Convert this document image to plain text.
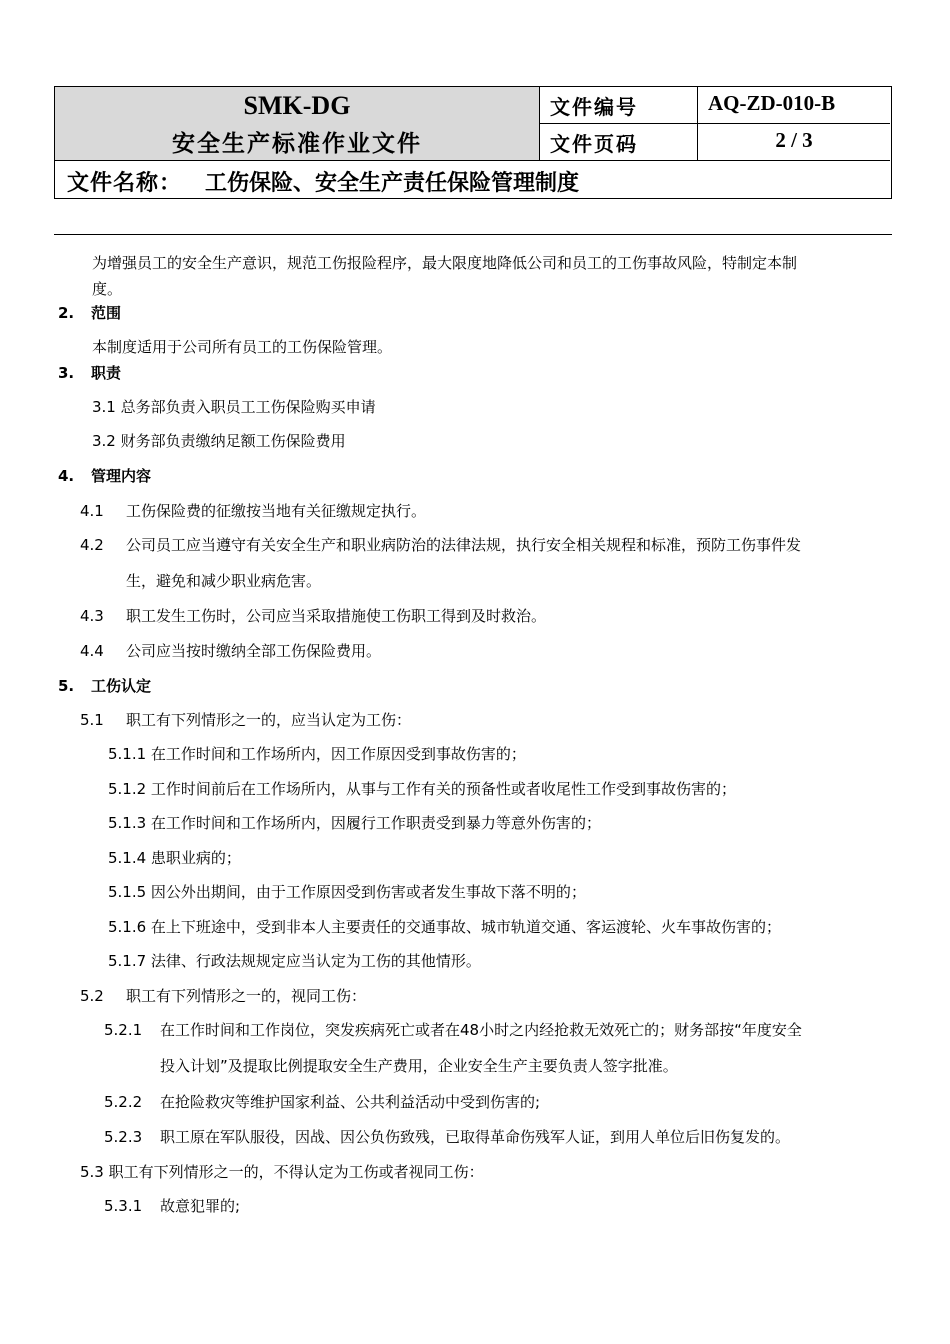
SMK-DG
安全生产标准作业文件
文件编号	AQ-ZD-010-B
文件页码	2 / 3
文件名称： 工伤保险、安全生产责任保险管理制度
为增强员工的安全生产意识，规范工伤报险程序，最大限度地降低公司和员工的工伤事故风险，特制定本制
度。
2. 范围
本制度适用于公司所有员工的工伤保险管理。
3. 职责
3.1 总务部负责入职员工工伤保险购买申请
3.2 财务部负责缴纳足额工伤保险费用
4. 管理内容
4.1 工伤保险费的征缴按当地有关征缴规定执行。
4.2 公司员工应当遵守有关安全生产和职业病防治的法律法规，执行安全相关规程和标准，预防工伤事件发
生，避免和减少职业病危害。
4.3 职工发生工伤时，公司应当采取措施使工伤职工得到及时救治。
4.4 公司应当按时缴纳全部工伤保险费用。
5. 工伤认定
5.1 职工有下列情形之一的，应当认定为工伤：
5.1.1 在工作时间和工作场所内，因工作原因受到事故伤害的；
5.1.2 工作时间前后在工作场所内，从事与工作有关的预备性或者收尾性工作受到事故伤害的；
5.1.3 在工作时间和工作场所内，因履行工作职责受到暴力等意外伤害的；
5.1.4 患职业病的；
5.1.5 因公外出期间，由于工作原因受到伤害或者发生事故下落不明的；
5.1.6 在上下班途中，受到非本人主要责任的交通事故、城市轨道交通、客运渡轮、火车事故伤害的；
5.1.7 法律、行政法规规定应当认定为工伤的其他情形。
5.2 职工有下列情形之一的，视同工伤：
5.2.1 在工作时间和工作岗位，突发疾病死亡或者在48小时之内经抢救无效死亡的；财务部按“年度安全
投入计划”及提取比例提取安全生产费用，企业安全生产主要负责人签字批准。
5.2.2 在抢险救灾等维护国家利益、公共利益活动中受到伤害的;
5.2.3 职工原在军队服役，因战、因公负伤致残，已取得革命伤残军人证，到用人单位后旧伤复发的。
5.3 职工有下列情形之一的，不得认定为工伤或者视同工伤：
5.3.1 故意犯罪的;
